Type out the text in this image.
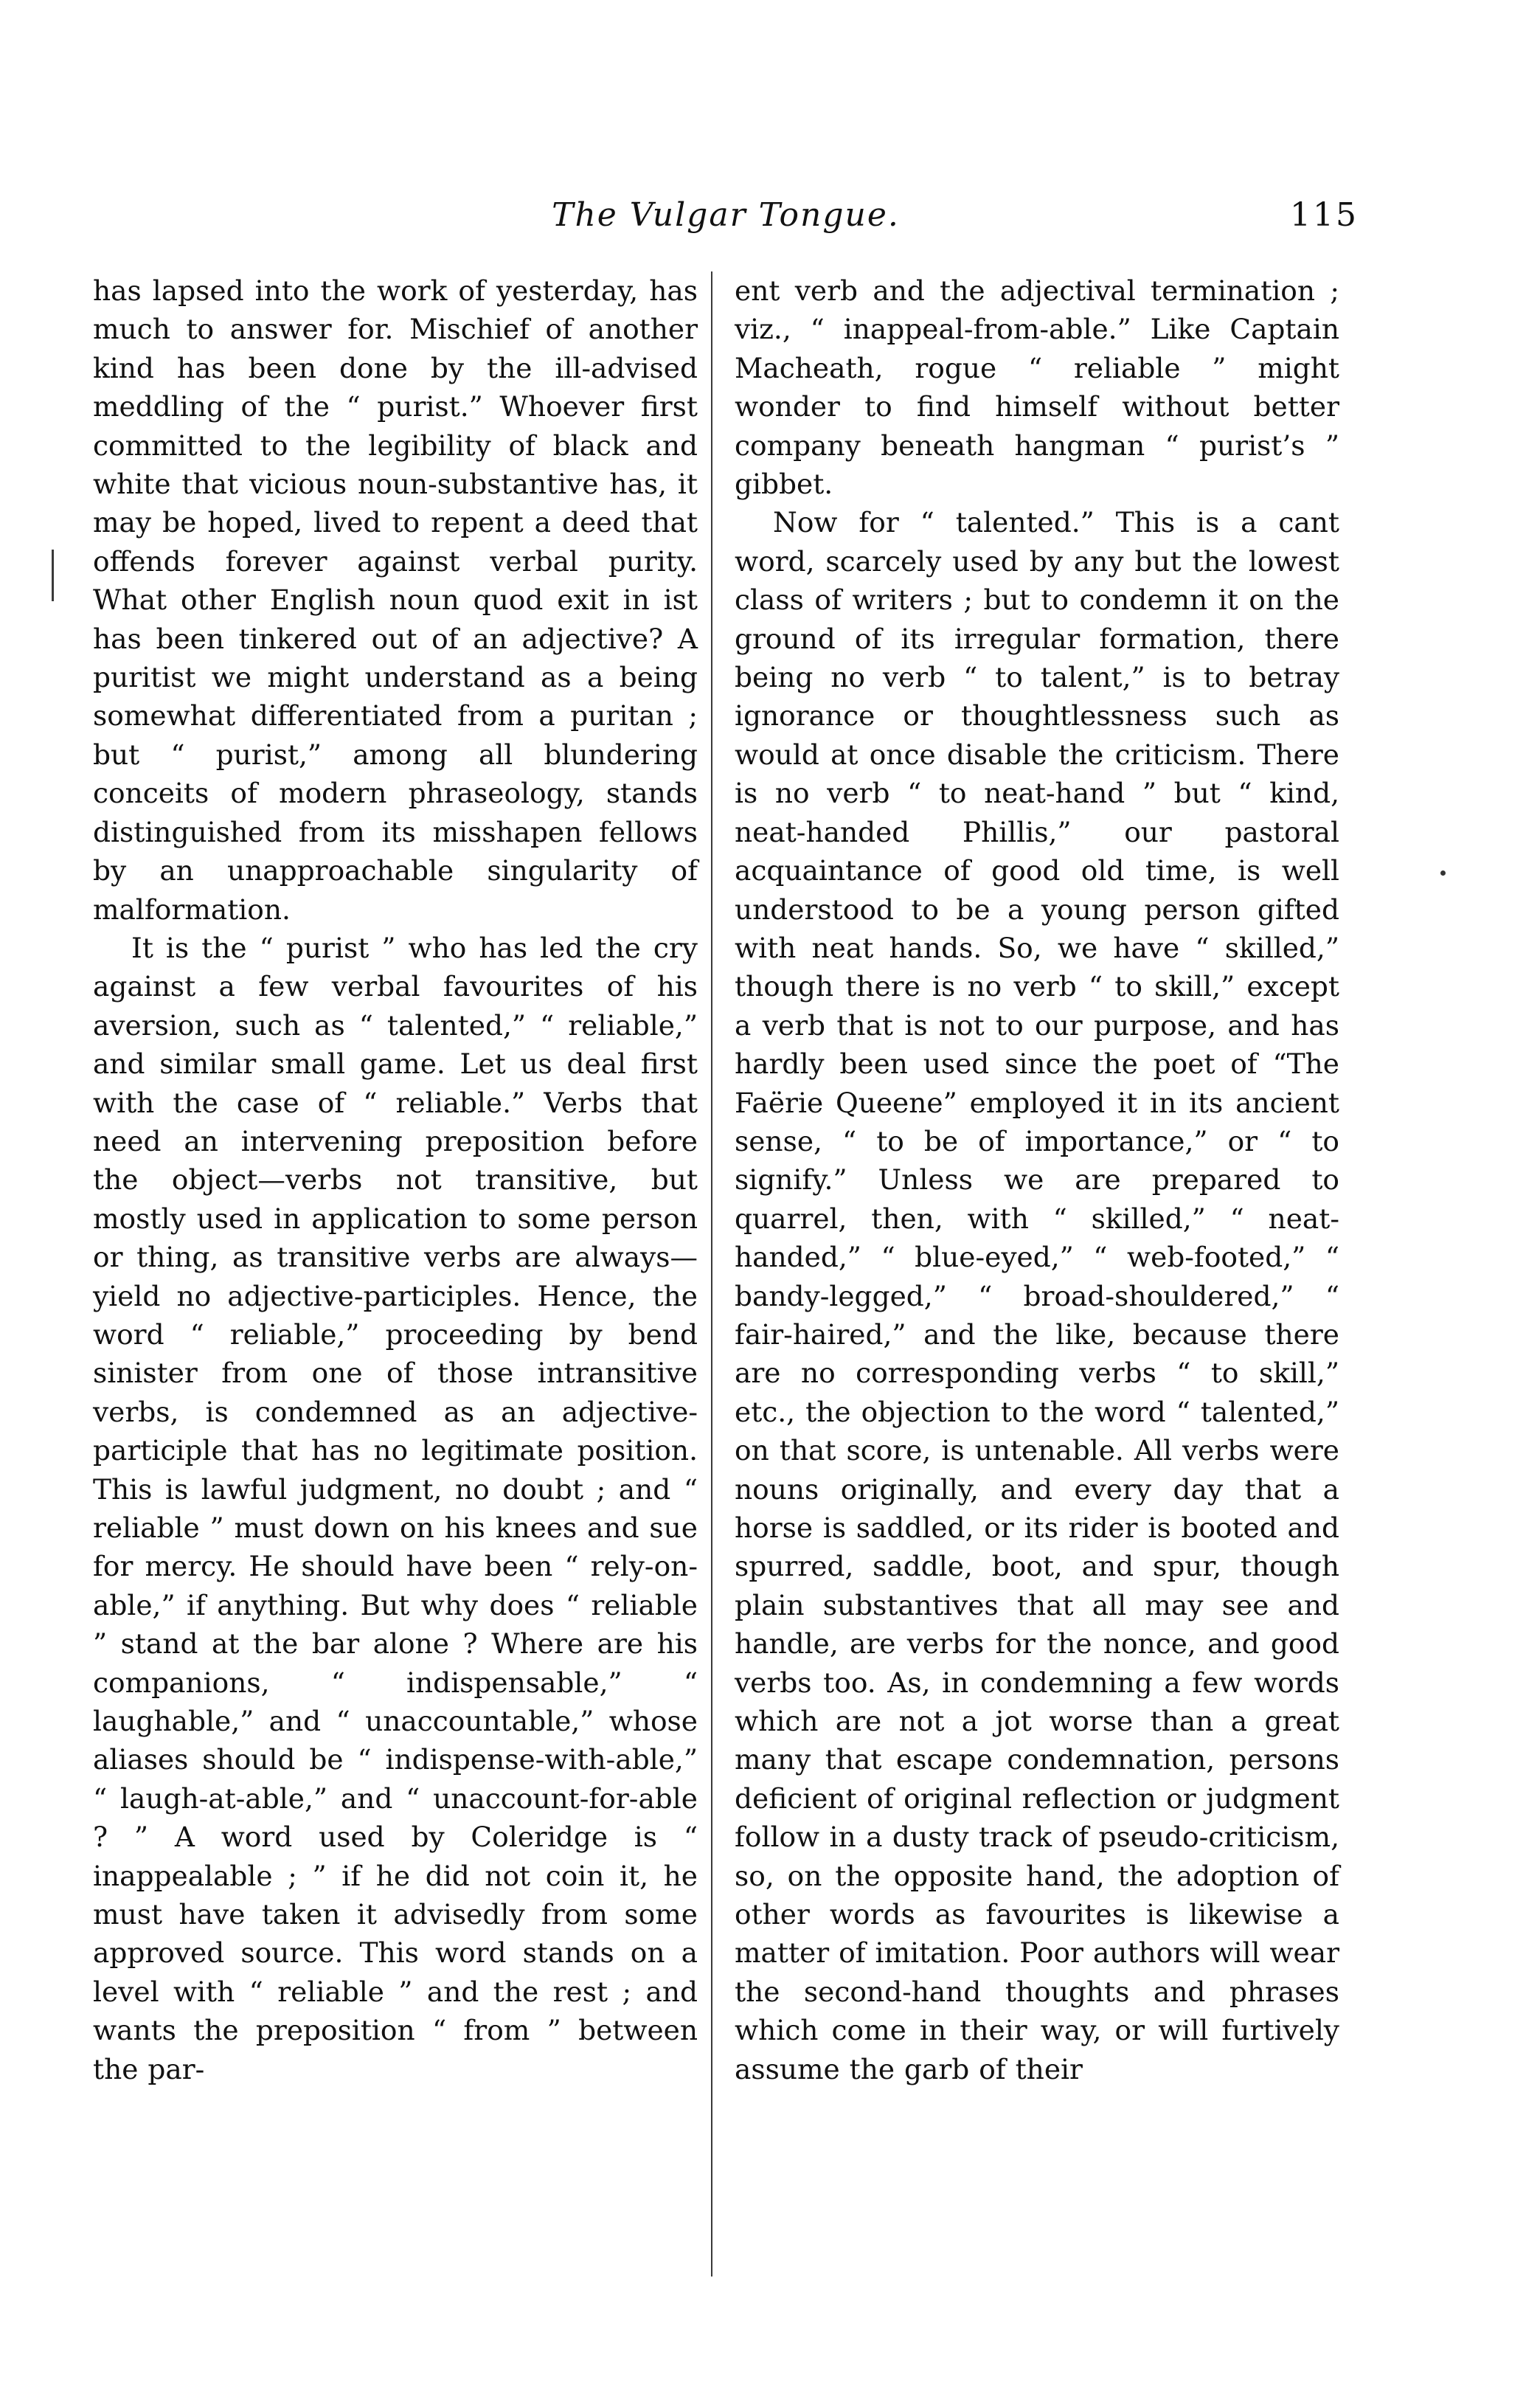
The Vulgar Tongue.	115

has lapsed into the work of yesterday, has much to answer for. Mischief of another kind has been done by the ill-advised meddling of the “ purist.” Whoever first committed to the legibility of black and white that vicious noun-substantive has, it may be hoped, lived to repent a deed that offends forever against verbal purity. What other English noun quod exit in ist has been tinkered out of an adjective? A puritist we might understand as a being somewhat differentiated from a puritan ; but “ purist,” among all blundering conceits of modern phraseology, stands distinguished from its misshapen fellows by an unapproachable singularity of malformation.

It is the “ purist ” who has led the cry against a few verbal favourites of his aversion, such as “ talented,” “ reliable,” and similar small game. Let us deal first with the case of “ reliable.” Verbs that need an intervening preposition before the object—verbs not transitive, but mostly used in application to some person or thing, as transitive verbs are always—yield no adjective-participles. Hence, the word “ reliable,” proceeding by bend sinister from one of those intransitive verbs, is condemned as an adjective-participle that has no legitimate position. This is lawful judgment, no doubt ; and “ reliable ” must down on his knees and sue for mercy. He should have been “ rely-on-able,” if anything. But why does “ reliable ” stand at the bar alone ? Where are his companions, “ indispensable,” “ laughable,” and “ unaccountable,” whose aliases should be “ indispense-with-able,” “ laugh-at-able,” and “ unaccount-for-able ? ” A word used by Coleridge is “ inappealable ; ” if he did not coin it, he must have taken it advisedly from some approved source. This word stands on a level with “ reliable ” and the rest ; and wants the preposition “ from ” between the par-

ent verb and the adjectival termination ; viz., “ inappeal-from-able.” Like Captain Macheath, rogue “ reliable ” might wonder to find himself without better company beneath hangman “ purist’s ” gibbet.

Now for “ talented.” This is a cant word, scarcely used by any but the lowest class of writers ; but to condemn it on the ground of its irregular formation, there being no verb “ to talent,” is to betray ignorance or thoughtlessness such as would at once disable the criticism. There is no verb “ to neat-hand ” but “ kind, neat-handed Phillis,” our pastoral acquaintance of good old time, is well understood to be a young person gifted with neat hands. So, we have “ skilled,” though there is no verb “ to skill,” except a verb that is not to our purpose, and has hardly been used since the poet of “The Faërie Queene” employed it in its ancient sense, “ to be of importance,” or “ to signify.” Unless we are prepared to quarrel, then, with “ skilled,” “ neat-handed,” “ blue-eyed,” “ web-footed,” “ bandy-legged,” “ broad-shouldered,” “ fair-haired,” and the like, because there are no corresponding verbs “ to skill,” etc., the objection to the word “ talented,” on that score, is untenable. All verbs were nouns originally, and every day that a horse is saddled, or its rider is booted and spurred, saddle, boot, and spur, though plain substantives that all may see and handle, are verbs for the nonce, and good verbs too. As, in condemning a few words which are not a jot worse than a great many that escape condemnation, persons deficient of original reflection or judgment follow in a dusty track of pseudo-criticism, so, on the opposite hand, the adoption of other words as favourites is likewise a matter of imitation. Poor authors will wear the second-hand thoughts and phrases which come in their way, or will furtively assume the garb of their
